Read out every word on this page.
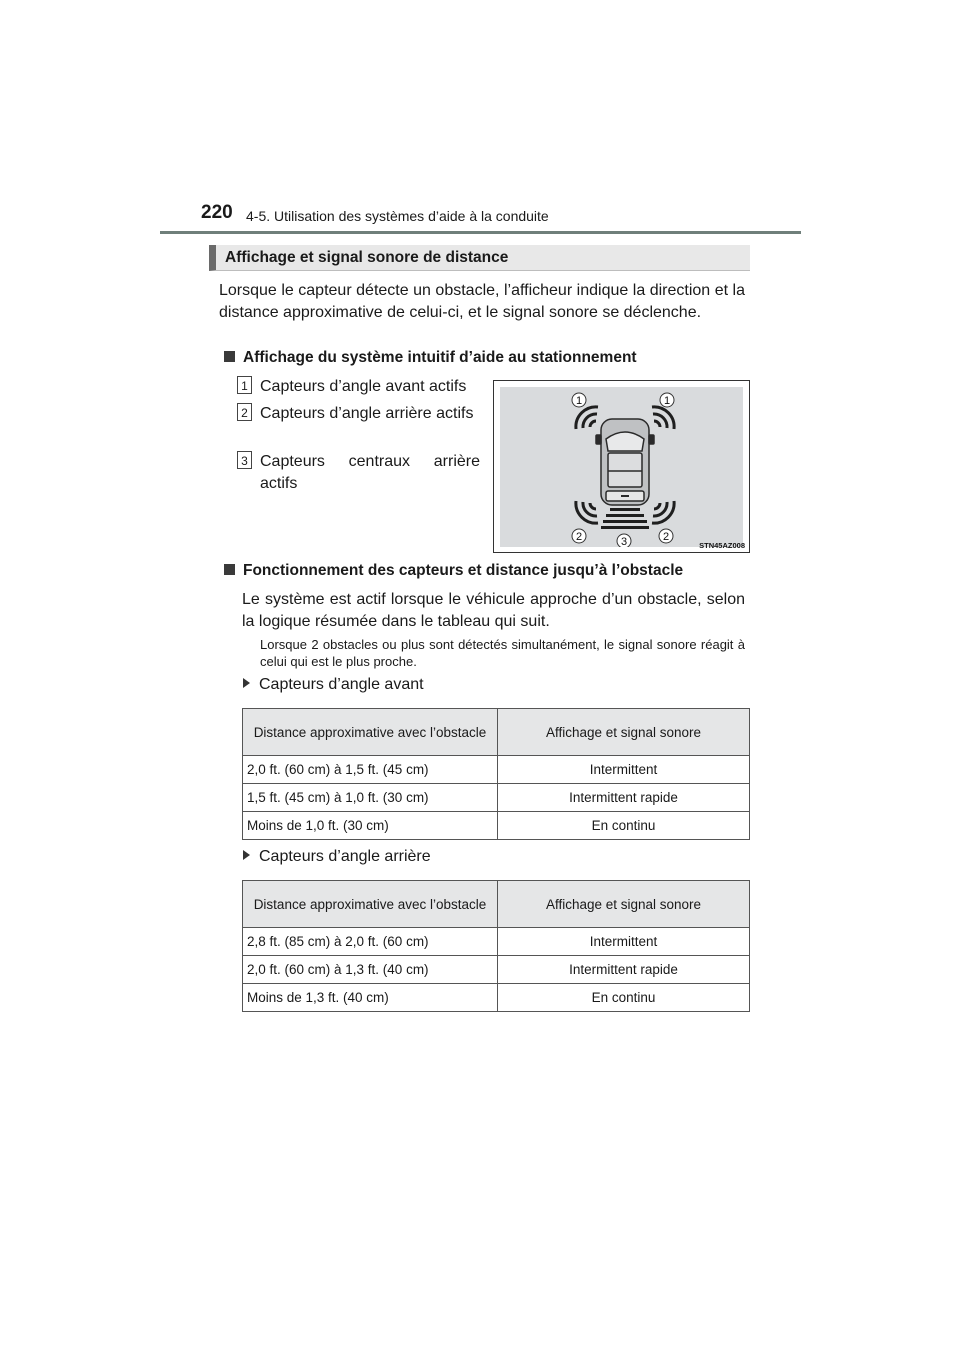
220 4-5. Utilisation des systèmes d’aide à la conduite
Affichage et signal sonore de distance
Lorsque le capteur détecte un obstacle, l’afficheur indique la direction et la distance approximative de celui-ci, et le signal sonore se déclenche.
Affichage du système intuitif d’aide au stationnement
1 Capteurs d’angle avant actifs
2 Capteurs d’angle arrière actifs
3 Capteurs centraux arrière actifs
1	1
2	3	2
STN45AZ008
Fonctionnement des capteurs et distance jusqu’à l’obstacle
Le système est actif lorsque le véhicule approche d’un obstacle, selon la logique résumée dans le tableau qui suit.
Lorsque 2 obstacles ou plus sont détectés simultanément, le signal sonore réagit à celui qui est le plus proche.
Capteurs d’angle avant
Distance approximative avec l’obstacle	Affichage et signal sonore
2,0 ft. (60 cm) à 1,5 ft. (45 cm)	Intermittent
1,5 ft. (45 cm) à 1,0 ft. (30 cm)	Intermittent rapide
Moins de 1,0 ft. (30 cm)	En continu
Capteurs d’angle arrière
Distance approximative avec l’obstacle	Affichage et signal sonore
2,8 ft. (85 cm) à 2,0 ft. (60 cm)	Intermittent
2,0 ft. (60 cm) à 1,3 ft. (40 cm)	Intermittent rapide
Moins de 1,3 ft. (40 cm)	En continu
